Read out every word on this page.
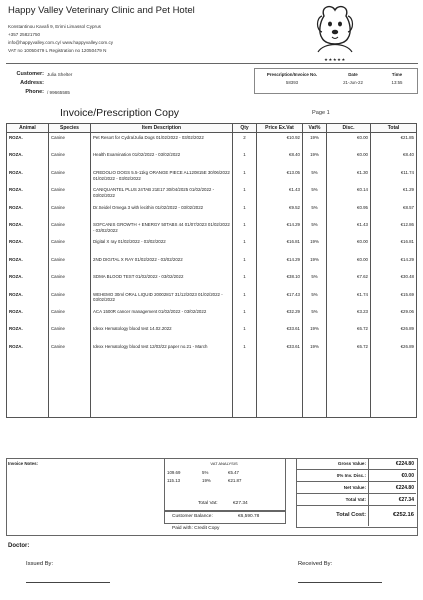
Happy Valley Veterinary Clinic and Pet Hotel
Konstantinou Kavafi 9, Erimi Limassol Cyprus
+357 25821750
info@happyvalley.com.cy/ www.happyvalley.com.cy
VAT no 10050479 L Registration no 12050479 N
★★★★★
Customer: Julia Shelter
Address:
Phone: / 99665585
Prescription/Invoice No.
58393
Date
21-Jun-22
Time
13:55
Invoice/Prescription Copy	Page 1
Animal	Species	Item Description	Qty	Price Ex.Vat	Vat%	Disc.	Total

ROZA.	Canine	Pet Resort for Cydra/Julia Dogs 01/02/2022 - 03/02/2022	2	€10.92	19%	€0.00	€21.85

ROZA.	Canine	Health Examination 01/02/2022 - 03/02/2022	1	€8.40	19%	€0.00	€8.40

ROZA.	Canine	CREDOLIO DOGS 5.5-11kg ORANGE PIECE AL120815E 30/06/2022 01/02/2022 - 03/02/2022	1	€13.05	5%	€1.30	€11.74

ROZA.	Canine	CANIQUANTEL PLUS 24TAB 21E17 30/04/2025 01/02/2022 - 03/02/2022	1	€1.43	5%	€0.14	€1.29

ROZA.	Canine	Dr.Seidel Omega 3 with lecithin 01/02/2022 - 03/02/2022	1	€9.52	5%	€0.95	€8.57

ROZA.	Canine	SOFCANIS GROWTH + ENERGY 50TABS 44 01/07/2023 01/02/2022 - 03/02/2022	1	€14.29	5%	€1.43	€12.86

ROZA.	Canine	Digital X ray 01/02/2022 - 03/02/2022	1	€16.81	19%	€0.00	€16.81

ROZA.	Canine	2ND DIGITAL X RAY 01/02/2022 - 03/02/2022	1	€14.29	19%	€0.00	€14.29

ROZA.	Canine	SDMA BLOOD TEST 01/02/2022 - 03/02/2022	1	€38.10	5%	€7.62	€30.48

ROZA.	Canine	WEHEMO 30ml ORAL LIQUID 20002817 31/12/2023 01/02/2022 - 03/02/2022	1	€17.43	5%	€1.74	€15.69

ROZA.	Canine	ACA 1500R cancer management 01/02/2022 - 03/02/2022	1	€32.29	5%	€3.23	€29.06

ROZA.	Canine	Idexx Hematology blood test 14.02.2022	1	€33.61	19%	€6.72	€26.89

ROZA.	Canine	Idexx Hematology blood test 12/03/22 paper no.21 - March	1	€33.61	19%	€6.72	€26.89

Invoice Notes:	VAT ANALYSIS
109.69	5%	€5.47
115.13	19%	€21.87
Total Vat:	€27.34
Customer Balance:	€6,590.78
Paid with: Credit Copy
Gross Value:	€224.80
0% Inv. Disc.:	€0.00
Net Value:	€224.80
Total Vat:	€27.34
Total Cost:	€252.16
Doctor:
Issued By:	Received By:
